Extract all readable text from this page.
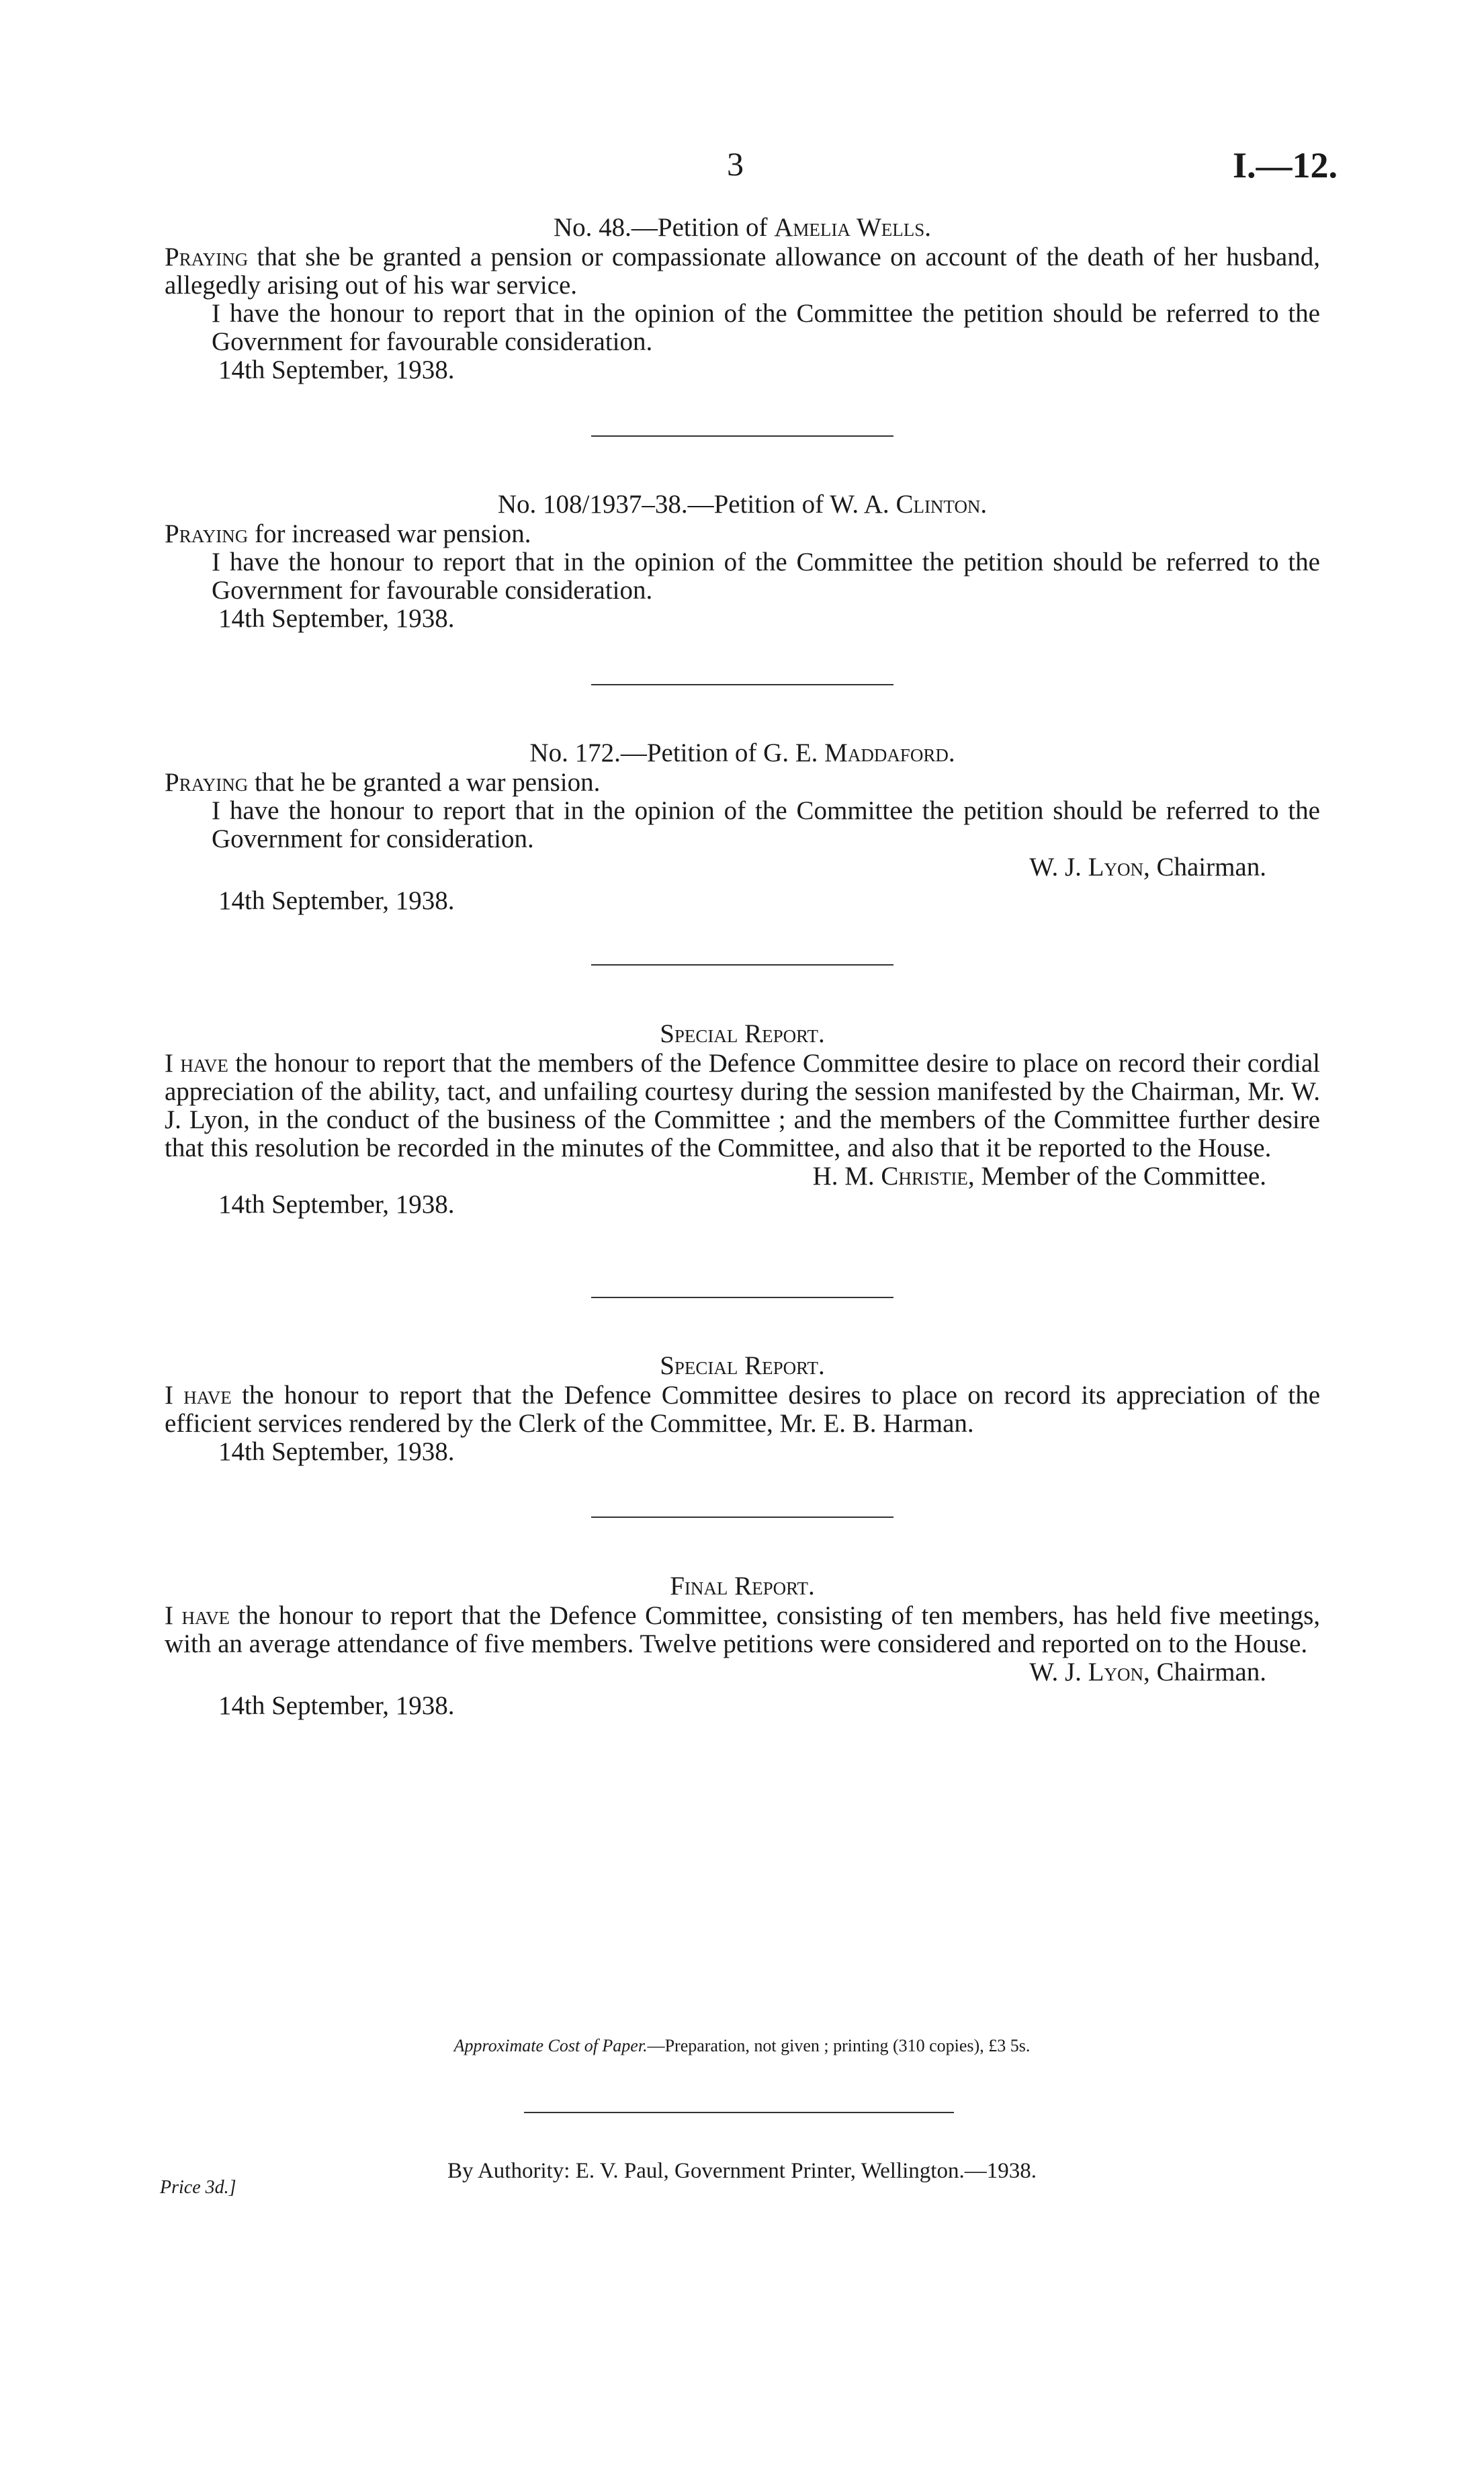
3	I.—12.

No. 48.—Petition of Amelia Wells.

Praying that she be granted a pension or compassionate allowance on account of the death of her husband, allegedly arising out of his war service.

I have the honour to report that in the opinion of the Committee the petition should be referred to the Government for favourable consideration.

14th September, 1938.

No. 108/1937–38.—Petition of W. A. Clinton.

Praying for increased war pension.

I have the honour to report that in the opinion of the Committee the petition should be referred to the Government for favourable consideration.

14th September, 1938.

No. 172.—Petition of G. E. Maddaford.

Praying that he be granted a war pension.

I have the honour to report that in the opinion of the Committee the petition should be referred to the Government for consideration.

W. J. Lyon, Chairman.

14th September, 1938.

Special Report.

I have the honour to report that the members of the Defence Committee desire to place on record their cordial appreciation of the ability, tact, and unfailing courtesy during the session manifested by the Chairman, Mr. W. J. Lyon, in the conduct of the business of the Committee ; and the members of the Committee further desire that this resolution be recorded in the minutes of the Committee, and also that it be reported to the House.

H. M. Christie, Member of the Committee.

14th September, 1938.

Special Report.

I have the honour to report that the Defence Committee desires to place on record its appreciation of the efficient services rendered by the Clerk of the Committee, Mr. E. B. Harman.

14th September, 1938.

Final Report.

I have the honour to report that the Defence Committee, consisting of ten members, has held five meetings, with an average attendance of five members. Twelve petitions were considered and reported on to the House.

W. J. Lyon, Chairman.

14th September, 1938.

Approximate Cost of Paper.—Preparation, not given ; printing (310 copies), £3 5s.
By Authority: E. V. Paul, Government Printer, Wellington.—1938.
Price 3d.]
